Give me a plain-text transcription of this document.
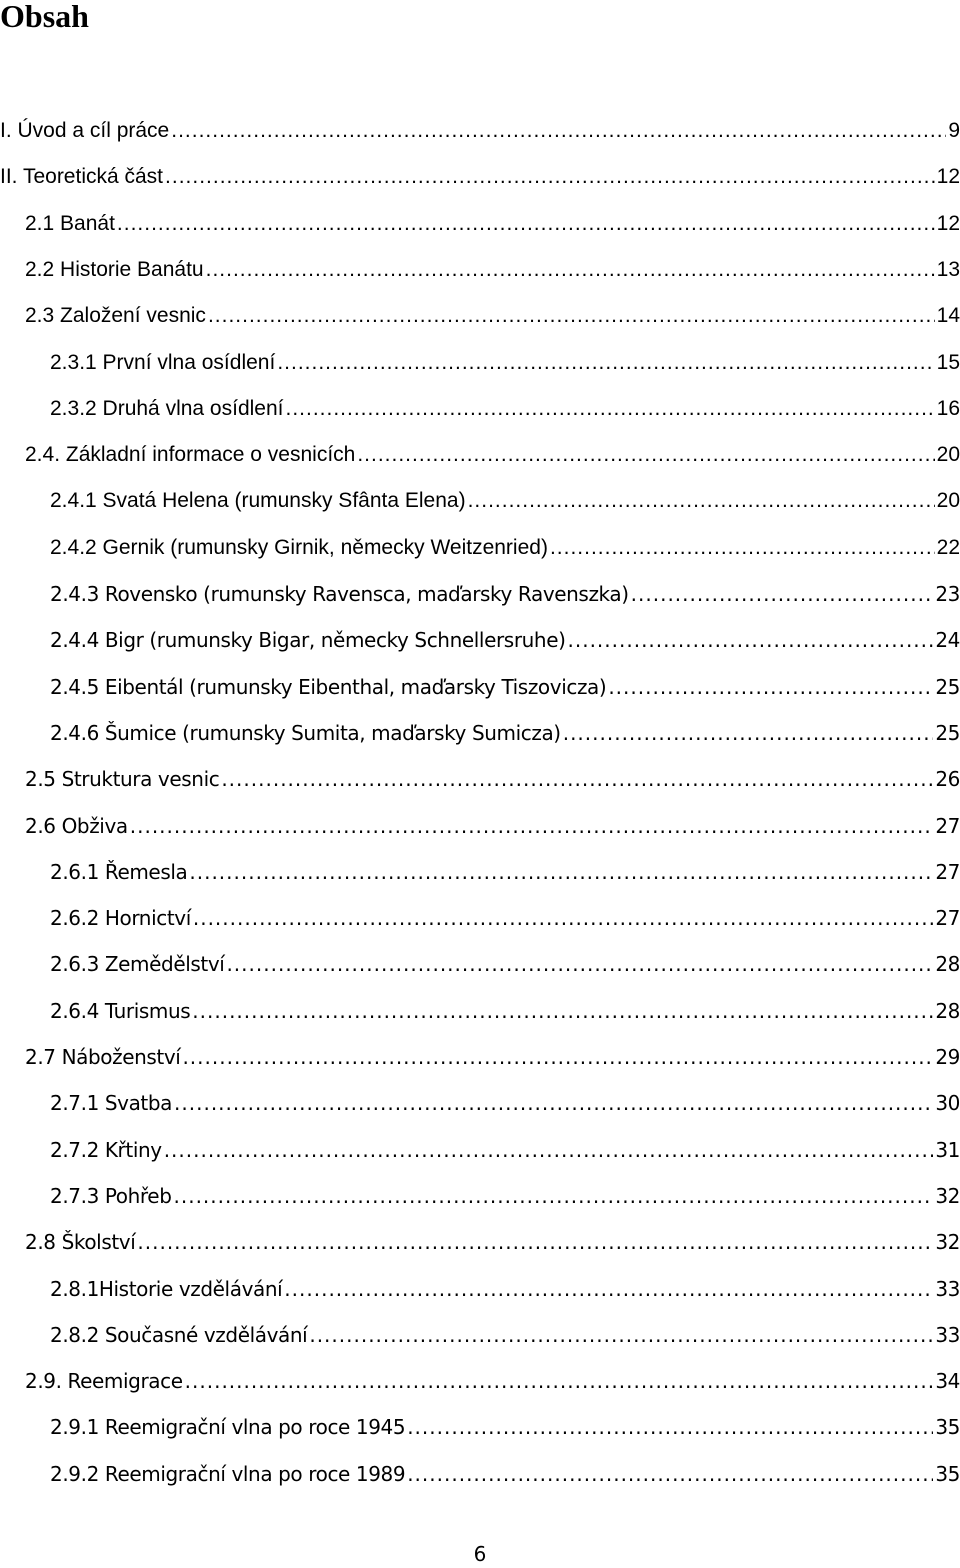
Obsah
I. Úvod a cíl práce .....	9
II. Teoretická část .....	12
2.1 Banát .....	12
2.2 Historie Banátu .....	13
2.3 Založení vesnic .....	14
2.3.1 První vlna osídlení .....	15
2.3.2 Druhá vlna osídlení .....	16
2.4. Základní informace o vesnicích .....	20
2.4.1 Svatá Helena (rumunsky Sfânta Elena) .....	20
2.4.2 Gernik (rumunsky Girnik, německy Weitzenried) .....	22
2.4.3 Rovensko (rumunsky Ravensca, maďarsky Ravenszka) .....	23
2.4.4 Bigr (rumunsky Bigar, německy Schnellersruhe) .....	24
2.4.5 Eibentál (rumunsky Eibenthal, maďarsky Tiszovicza) .....	25
2.4.6 Šumice (rumunsky Sumita, maďarsky Sumicza) .....	25
2.5 Struktura vesnic .....	26
2.6 Obživa .....	27
2.6.1 Řemesla .....	27
2.6.2 Hornictví .....	27
2.6.3 Zemědělství .....	28
2.6.4 Turismus .....	28
2.7 Náboženství .....	29
2.7.1 Svatba .....	30
2.7.2 Křtiny .....	31
2.7.3 Pohřeb .....	32
2.8 Školství .....	32
2.8.1Historie vzdělávání .....	33
2.8.2 Současné vzdělávání .....	33
2.9. Reemigrace .....	34
2.9.1 Reemigrační vlna po roce 1945 .....	35
2.9.2 Reemigrační vlna po roce 1989 .....	35
6
